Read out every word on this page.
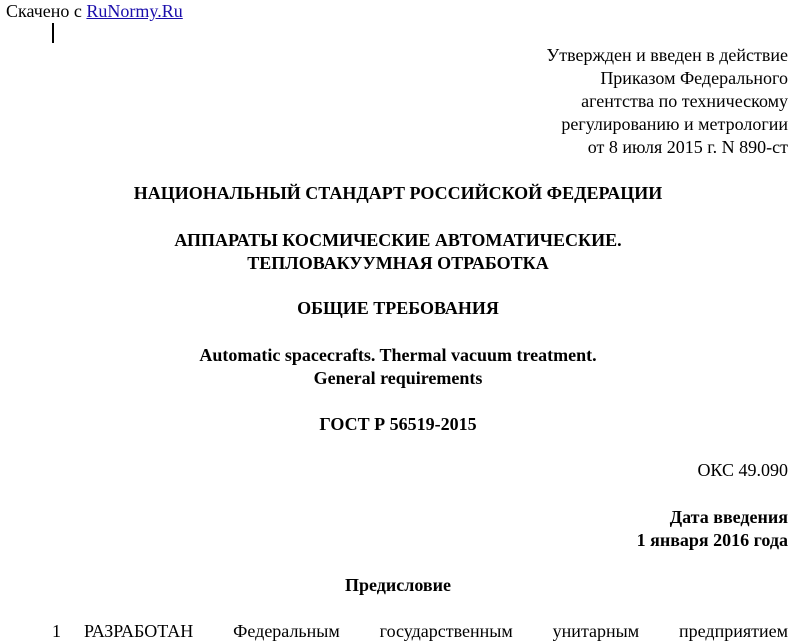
Скачено с RuNormy.Ru
Утвержден и введен в действие
Приказом Федерального
агентства по техническому
регулированию и метрологии
от 8 июля 2015 г. N 890-ст
НАЦИОНАЛЬНЫЙ СТАНДАРТ РОССИЙСКОЙ ФЕДЕРАЦИИ
АППАРАТЫ КОСМИЧЕСКИЕ АВТОМАТИЧЕСКИЕ.
ТЕПЛОВАКУУМНАЯ ОТРАБОТКА
ОБЩИЕ ТРЕБОВАНИЯ
Automatic spacecrafts. Thermal vacuum treatment.
General requirements
ГОСТ Р 56519-2015
ОКС 49.090
Дата введения
1 января 2016 года
Предисловие
1 РАЗРАБОТАН Федеральным государственным унитарным предприятием
